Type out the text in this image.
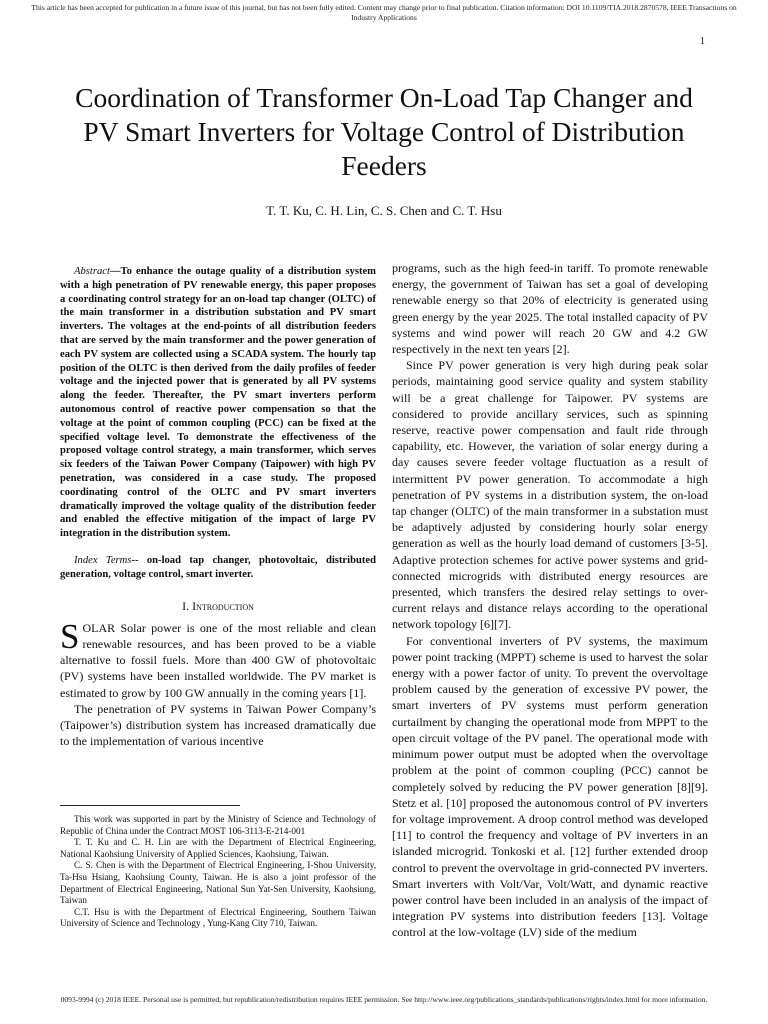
This article has been accepted for publication in a future issue of this journal, but has not been fully edited. Content may change prior to final publication. Citation information: DOI 10.1109/TIA.2018.2870578, IEEE Transactions on Industry Applications
1
Coordination of Transformer On-Load Tap Changer and PV Smart Inverters for Voltage Control of Distribution Feeders
T. T. Ku, C. H. Lin, C. S. Chen and C. T. Hsu

Abstract—To enhance the outage quality of a distribution system with a high penetration of PV renewable energy, this paper proposes a coordinating control strategy for an on-load tap changer (OLTC) of the main transformer in a distribution substation and PV smart inverters. The voltages at the end-points of all distribution feeders that are served by the main transformer and the power generation of each PV system are collected using a SCADA system. The hourly tap position of the OLTC is then derived from the daily profiles of feeder voltage and the injected power that is generated by all PV systems along the feeder. Thereafter, the PV smart inverters perform autonomous control of reactive power compensation so that the voltage at the point of common coupling (PCC) can be fixed at the specified voltage level. To demonstrate the effectiveness of the proposed voltage control strategy, a main transformer, which serves six feeders of the Taiwan Power Company (Taipower) with high PV penetration, was considered in a case study. The proposed coordinating control of the OLTC and PV smart inverters dramatically improved the voltage quality of the distribution feeder and enabled the effective mitigation of the impact of large PV integration in the distribution system.

Index Terms-- on-load tap changer, photovoltaic, distributed generation, voltage control, smart inverter.

I. Introduction

SOLAR Solar power is one of the most reliable and clean renewable resources, and has been proved to be a viable alternative to fossil fuels. More than 400 GW of photovoltaic (PV) systems have been installed worldwide. The PV market is estimated to grow by 100 GW annually in the coming years [1].

The penetration of PV systems in Taiwan Power Company’s (Taipower’s) distribution system has increased dramatically due to the implementation of various incentive

This work was supported in part by the Ministry of Science and Technology of Republic of China under the Contract MOST 106-3113-E-214-001

T. T. Ku and C. H. Lin are with the Department of Electrical Engineering, National Kaohsiung University of Applied Sciences, Kaohsiung, Taiwan.

C. S. Chen is with the Department of Electrical Engineering, I-Shou University, Ta-Hsu Hsiang, Kaohsiung County, Taiwan. He is also a joint professor of the Department of Electrical Engineering, National Sun Yat-Sen University, Kaohsiung, Taiwan

C.T. Hsu is with the Department of Electrical Engineering, Southern Taiwan University of Science and Technology , Yung-Kang City 710, Taiwan.

programs, such as the high feed-in tariff. To promote renewable energy, the government of Taiwan has set a goal of developing renewable energy so that 20% of electricity is generated using green energy by the year 2025. The total installed capacity of PV systems and wind power will reach 20 GW and 4.2 GW respectively in the next ten years [2].

Since PV power generation is very high during peak solar periods, maintaining good service quality and system stability will be a great challenge for Taipower. PV systems are considered to provide ancillary services, such as spinning reserve, reactive power compensation and fault ride through capability, etc. However, the variation of solar energy during a day causes severe feeder voltage fluctuation as a result of intermittent PV power generation. To accommodate a high penetration of PV systems in a distribution system, the on-load tap changer (OLTC) of the main transformer in a substation must be adaptively adjusted by considering hourly solar energy generation as well as the hourly load demand of customers [3-5]. Adaptive protection schemes for active power systems and grid-connected microgrids with distributed energy resources are presented, which transfers the desired relay settings to over-current relays and distance relays according to the operational network topology [6][7].

For conventional inverters of PV systems, the maximum power point tracking (MPPT) scheme is used to harvest the solar energy with a power factor of unity. To prevent the overvoltage problem caused by the generation of excessive PV power, the smart inverters of PV systems must perform generation curtailment by changing the operational mode from MPPT to the open circuit voltage of the PV panel. The operational mode with minimum power output must be adopted when the overvoltage problem at the point of common coupling (PCC) cannot be completely solved by reducing the PV power generation [8][9]. Stetz et al. [10] proposed the autonomous control of PV inverters for voltage improvement. A droop control method was developed [11] to control the frequency and voltage of PV inverters in an islanded microgrid. Tonkoski et al. [12] further extended droop control to prevent the overvoltage in grid-connected PV inverters. Smart inverters with Volt/Var, Volt/Watt, and dynamic reactive power control have been included in an analysis of the impact of integration PV systems into distribution feeders [13]. Voltage control at the low-voltage (LV) side of the medium

0093-9994 (c) 2018 IEEE. Personal use is permitted, but republication/redistribution requires IEEE permission. See http://www.ieee.org/publications_standards/publications/rights/index.html for more information.
